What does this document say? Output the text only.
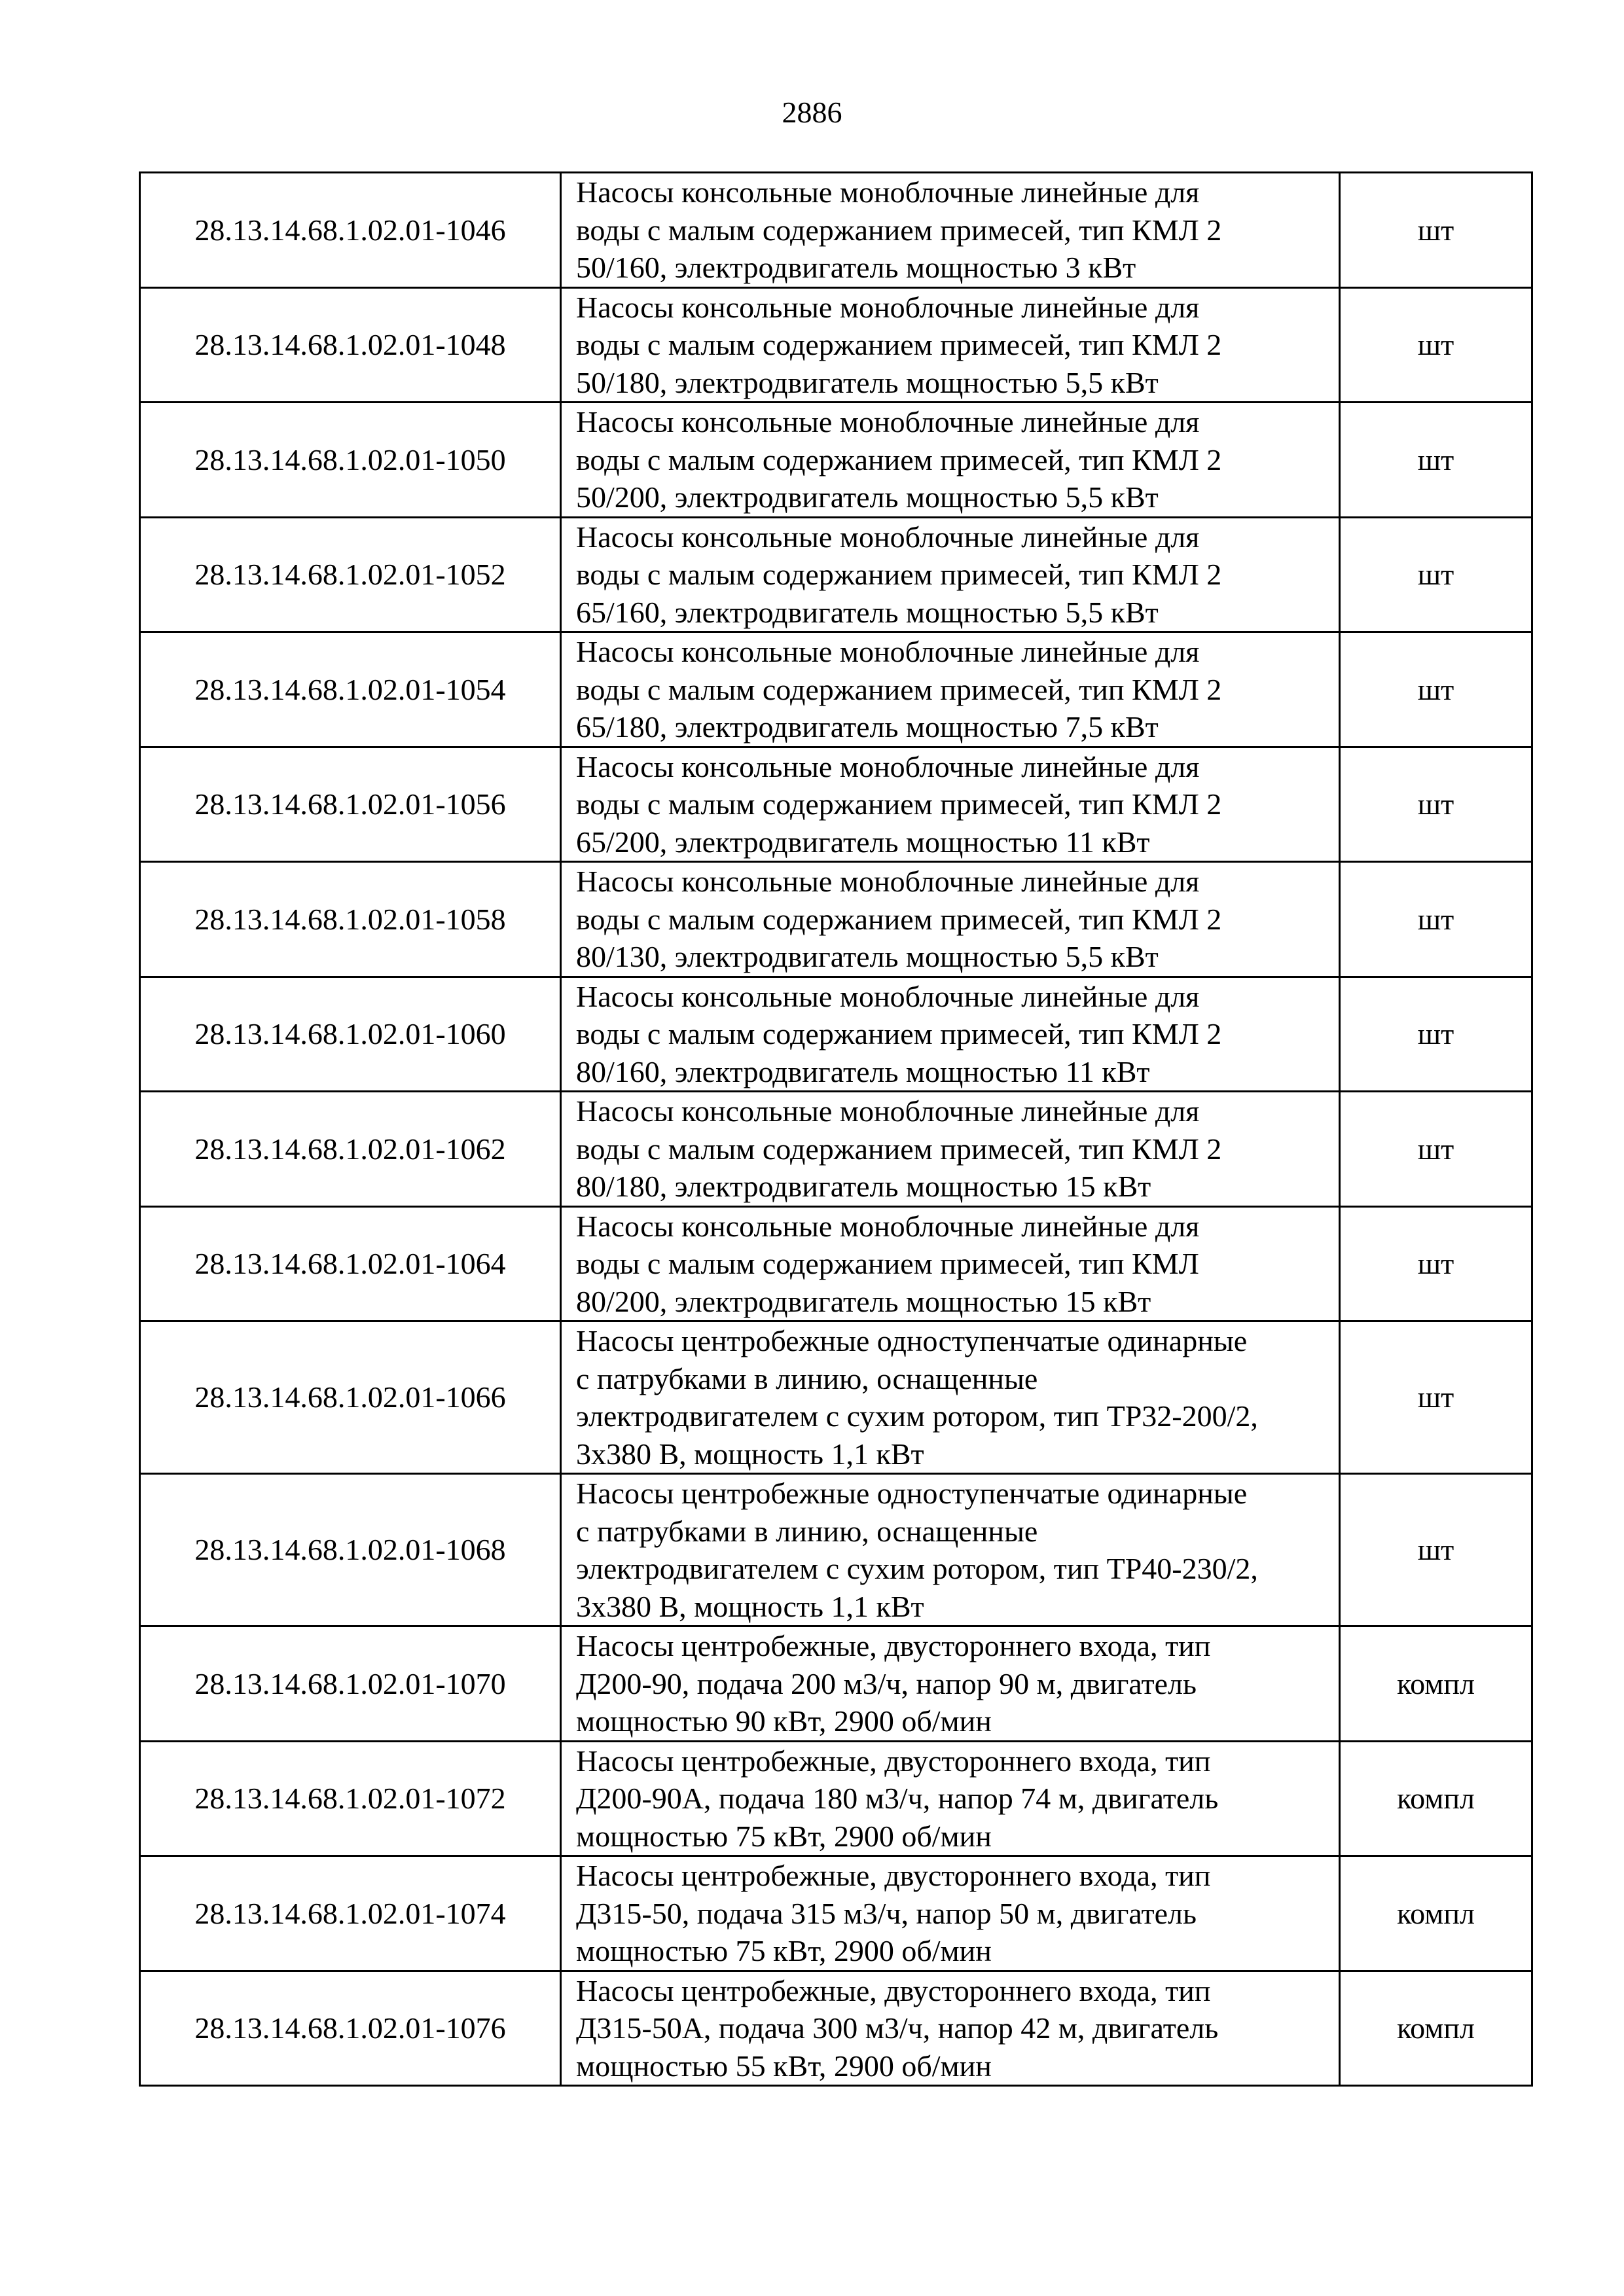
2886
28.13.14.68.1.02.01-1046	Насосы консольные моноблочные линейные для
воды с малым содержанием примесей, тип КМЛ 2
50/160, электродвигатель мощностью 3 кВт	шт
28.13.14.68.1.02.01-1048	Насосы консольные моноблочные линейные для
воды с малым содержанием примесей, тип КМЛ 2
50/180, электродвигатель мощностью 5,5 кВт	шт
28.13.14.68.1.02.01-1050	Насосы консольные моноблочные линейные для
воды с малым содержанием примесей, тип КМЛ 2
50/200, электродвигатель мощностью 5,5 кВт	шт
28.13.14.68.1.02.01-1052	Насосы консольные моноблочные линейные для
воды с малым содержанием примесей, тип КМЛ 2
65/160, электродвигатель мощностью 5,5 кВт	шт
28.13.14.68.1.02.01-1054	Насосы консольные моноблочные линейные для
воды с малым содержанием примесей, тип КМЛ 2
65/180, электродвигатель мощностью 7,5 кВт	шт
28.13.14.68.1.02.01-1056	Насосы консольные моноблочные линейные для
воды с малым содержанием примесей, тип КМЛ 2
65/200, электродвигатель мощностью 11 кВт	шт
28.13.14.68.1.02.01-1058	Насосы консольные моноблочные линейные для
воды с малым содержанием примесей, тип КМЛ 2
80/130, электродвигатель мощностью 5,5 кВт	шт
28.13.14.68.1.02.01-1060	Насосы консольные моноблочные линейные для
воды с малым содержанием примесей, тип КМЛ 2
80/160, электродвигатель мощностью 11 кВт	шт
28.13.14.68.1.02.01-1062	Насосы консольные моноблочные линейные для
воды с малым содержанием примесей, тип КМЛ 2
80/180, электродвигатель мощностью 15 кВт	шт
28.13.14.68.1.02.01-1064	Насосы консольные моноблочные линейные для
воды с малым содержанием примесей, тип КМЛ
80/200, электродвигатель мощностью 15 кВт	шт
28.13.14.68.1.02.01-1066	Насосы центробежные одноступенчатые одинарные
с патрубками в линию, оснащенные
электродвигателем с сухим ротором, тип TP32-200/2,
3x380 В, мощность 1,1 кВт	шт
28.13.14.68.1.02.01-1068	Насосы центробежные одноступенчатые одинарные
с патрубками в линию, оснащенные
электродвигателем с сухим ротором, тип TP40-230/2,
3x380 В, мощность 1,1 кВт	шт
28.13.14.68.1.02.01-1070	Насосы центробежные, двустороннего входа, тип
Д200-90, подача 200 м3/ч, напор 90 м, двигатель
мощностью 90 кВт, 2900 об/мин	компл
28.13.14.68.1.02.01-1072	Насосы центробежные, двустороннего входа, тип
Д200-90А, подача 180 м3/ч, напор 74 м, двигатель
мощностью 75 кВт, 2900 об/мин	компл
28.13.14.68.1.02.01-1074	Насосы центробежные, двустороннего входа, тип
Д315-50, подача 315 м3/ч, напор 50 м, двигатель
мощностью 75 кВт, 2900 об/мин	компл
28.13.14.68.1.02.01-1076	Насосы центробежные, двустороннего входа, тип
Д315-50А, подача 300 м3/ч, напор 42 м, двигатель
мощностью 55 кВт, 2900 об/мин	компл
